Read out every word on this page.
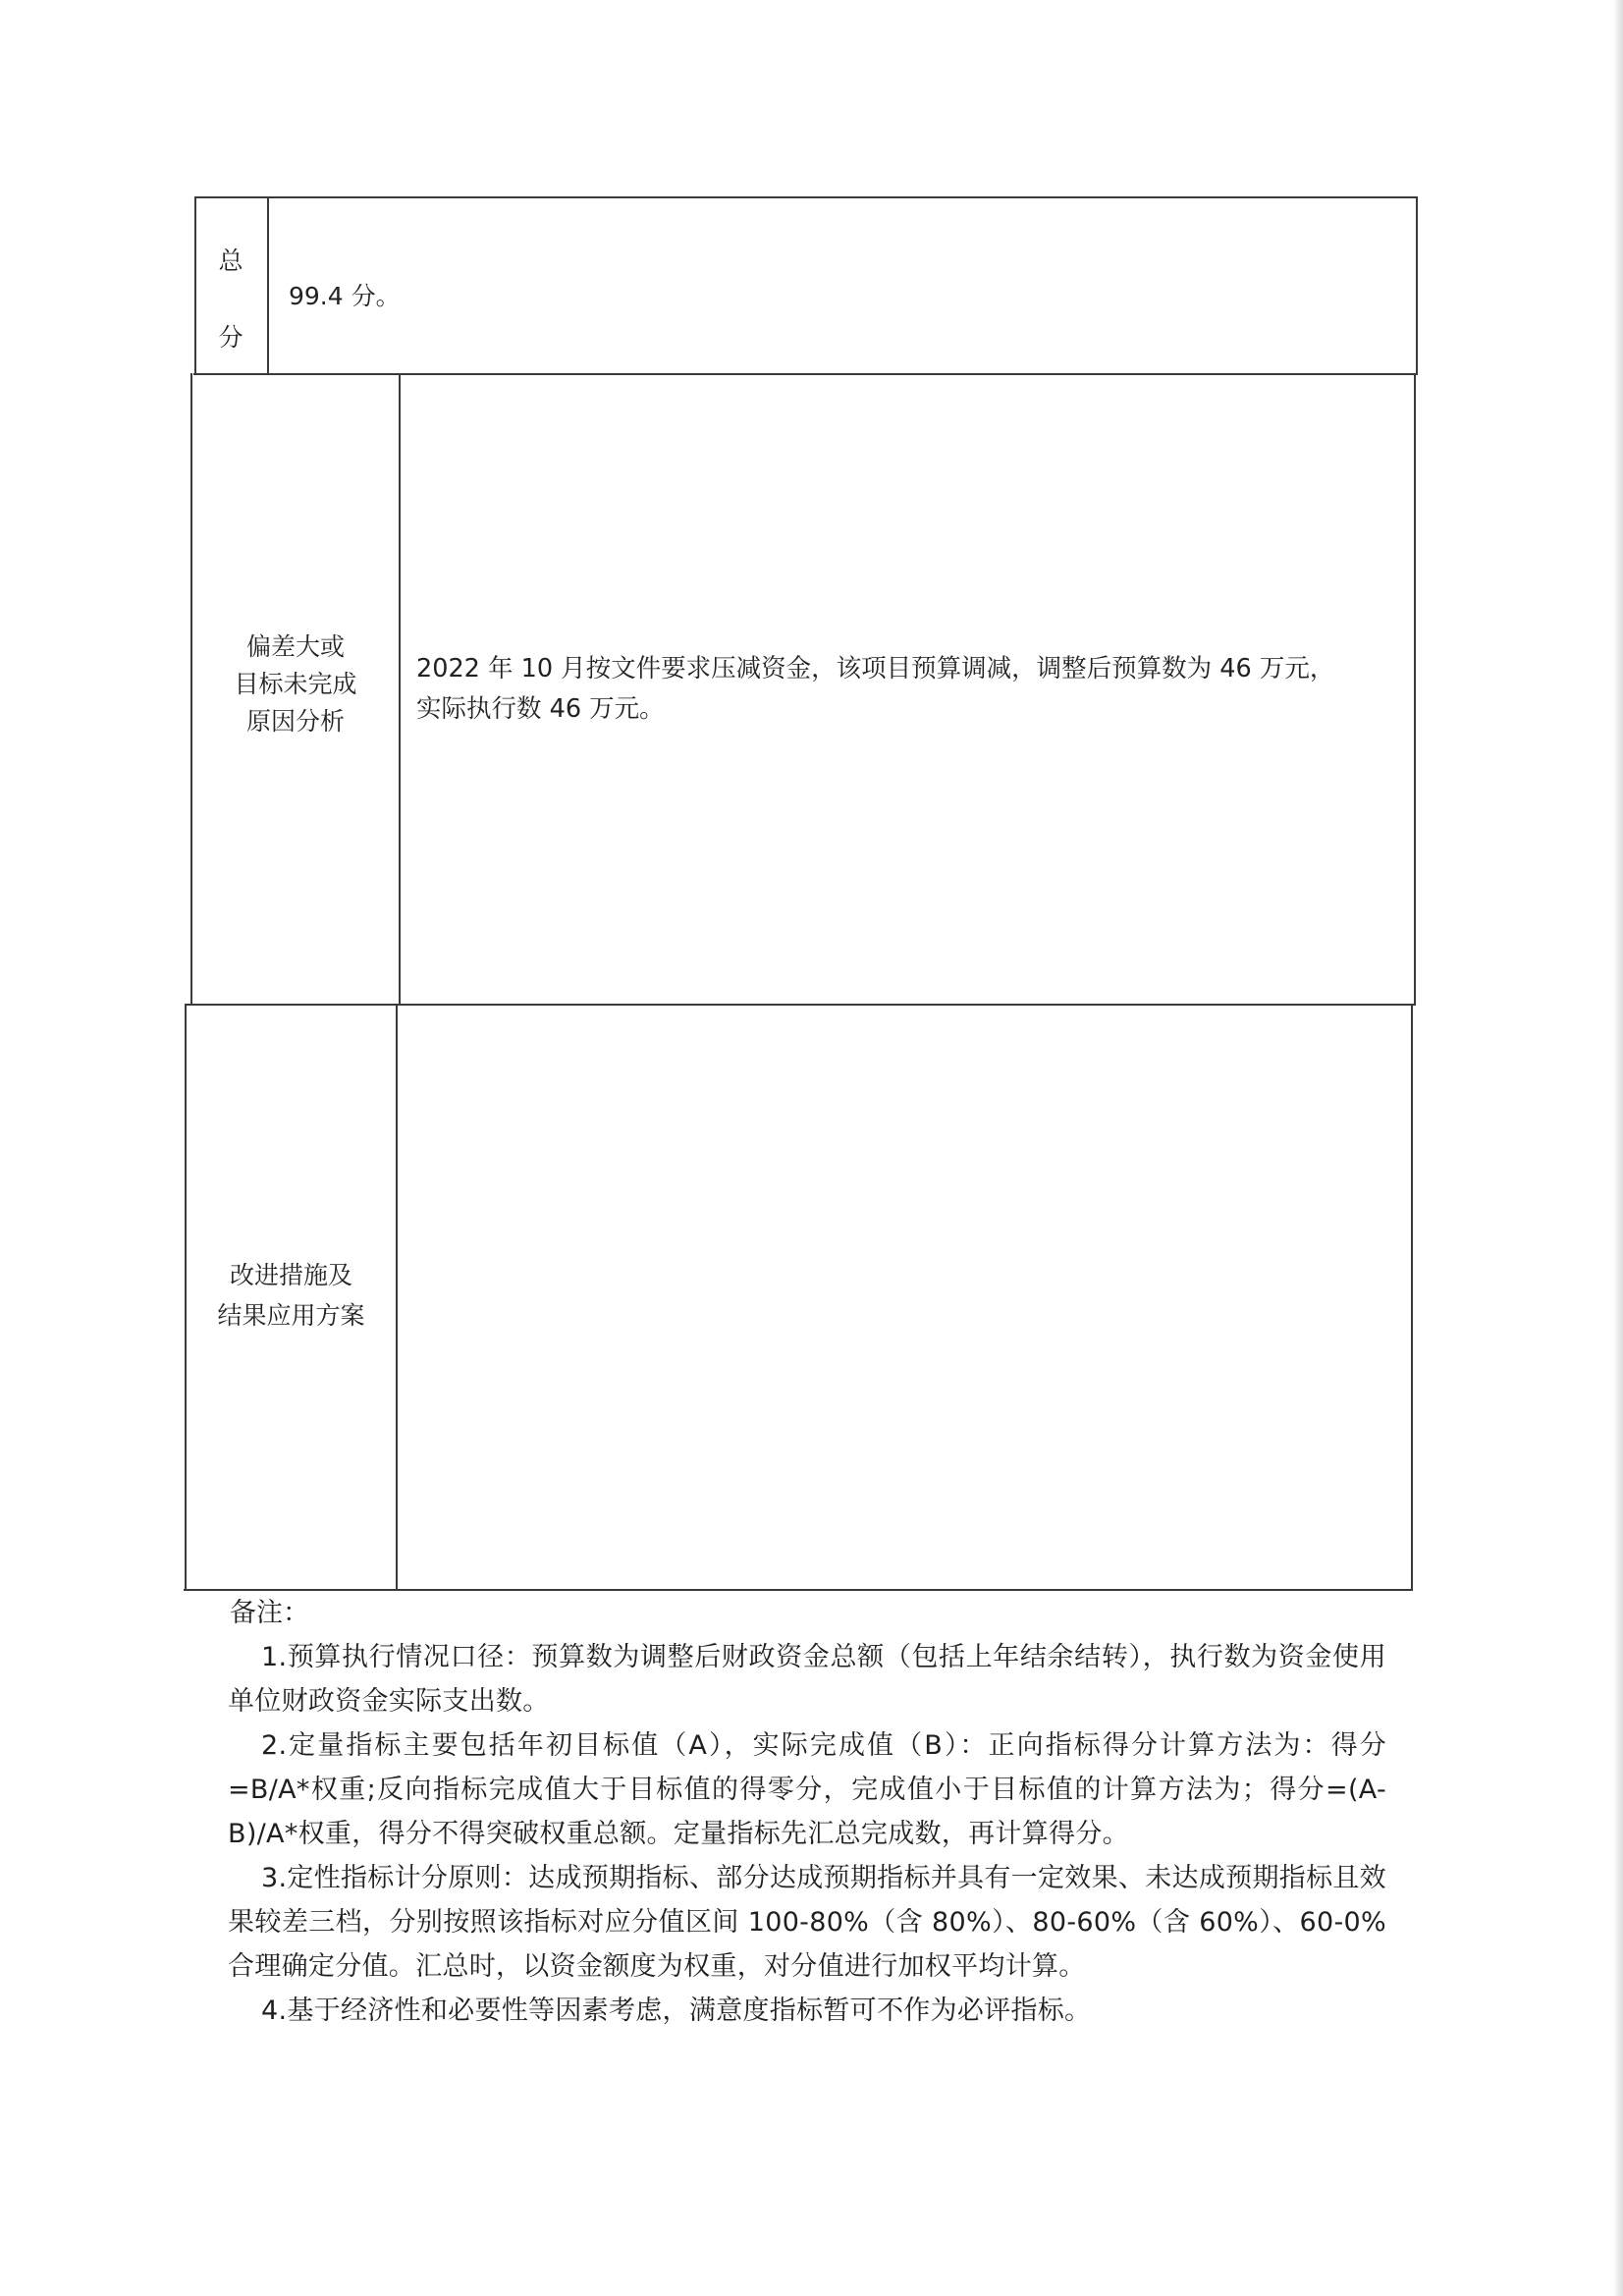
总
分
99.4 分。
偏差大或
目标未完成
原因分析
2022 年 10 月按文件要求压减资金，该项目预算调减，调整后预算数为 46 万元，
实际执行数 46 万元。
改进措施及
结果应用方案
备注：
1.预算执行情况口径：预算数为调整后财政资金总额（包括上年结余结转），执行数为资金使用单位财政资金实际支出数。
2.定量指标主要包括年初目标值（A），实际完成值（B）：正向指标得分计算方法为：得分=B/A*权重;反向指标完成值大于目标值的得零分，完成值小于目标值的计算方法为；得分=(A-B)/A*权重，得分不得突破权重总额。定量指标先汇总完成数，再计算得分。
3.定性指标计分原则：达成预期指标、部分达成预期指标并具有一定效果、未达成预期指标且效果较差三档，分别按照该指标对应分值区间 100-80%（含 80%）、80-60%（含 60%）、60-0%合理确定分值。汇总时，以资金额度为权重，对分值进行加权平均计算。
4.基于经济性和必要性等因素考虑，满意度指标暂可不作为必评指标。
